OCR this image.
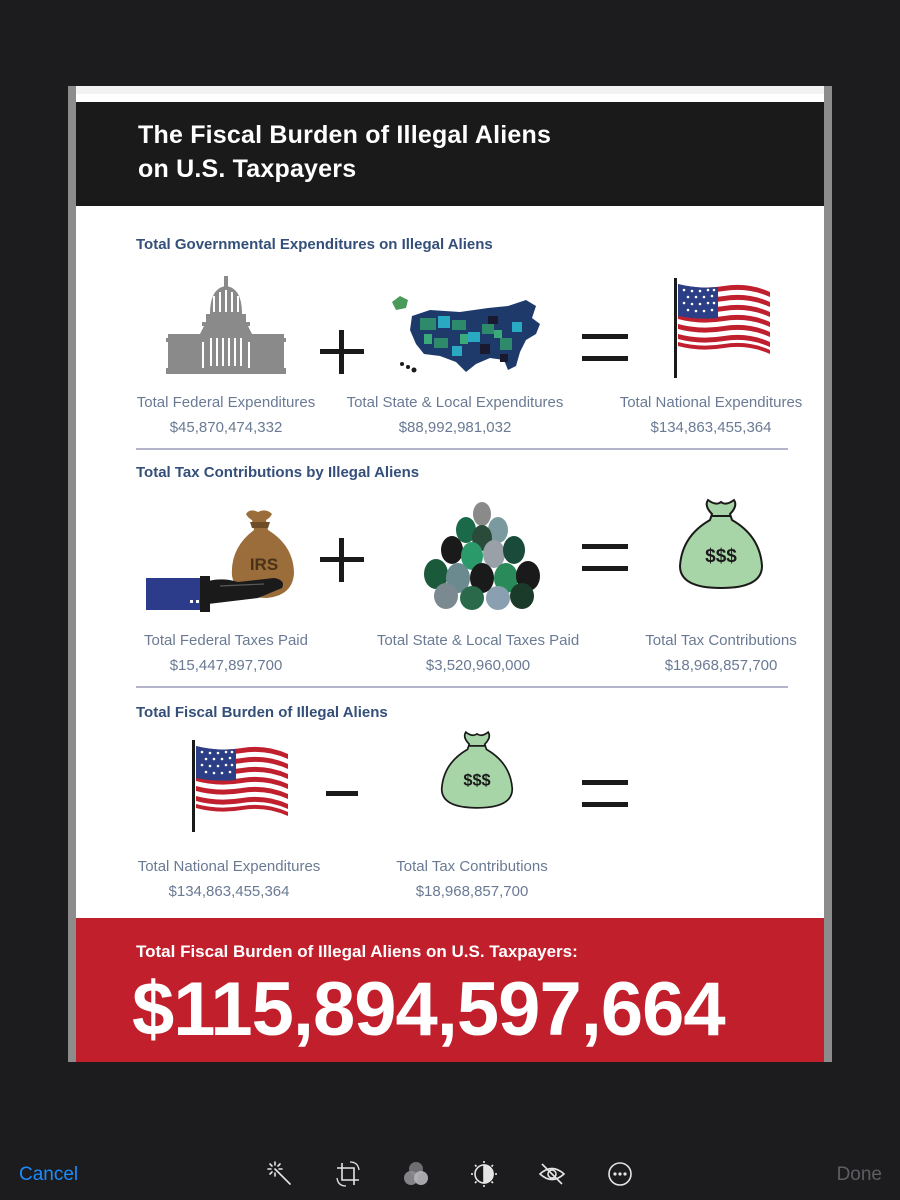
The Fiscal Burden of Illegal Aliens
on U.S. Taxpayers
Total Governmental Expenditures on Illegal Aliens
Total Federal Expenditures
$45,870,474,332
Total State & Local Expenditures
$88,992,981,032
Total National Expenditures
$134,863,455,364
Total Tax Contributions by Illegal Aliens
IRS	$$$
Total Federal Taxes Paid
$15,447,897,700
Total State & Local Taxes Paid
$3,520,960,000
Total Tax Contributions
$18,968,857,700
Total Fiscal Burden of Illegal Aliens
$$$
Total National Expenditures
$134,863,455,364
Total Tax Contributions
$18,968,857,700
Total Fiscal Burden of Illegal Aliens on U.S. Taxpayers:
$115,894,597,664
Cancel	Done
